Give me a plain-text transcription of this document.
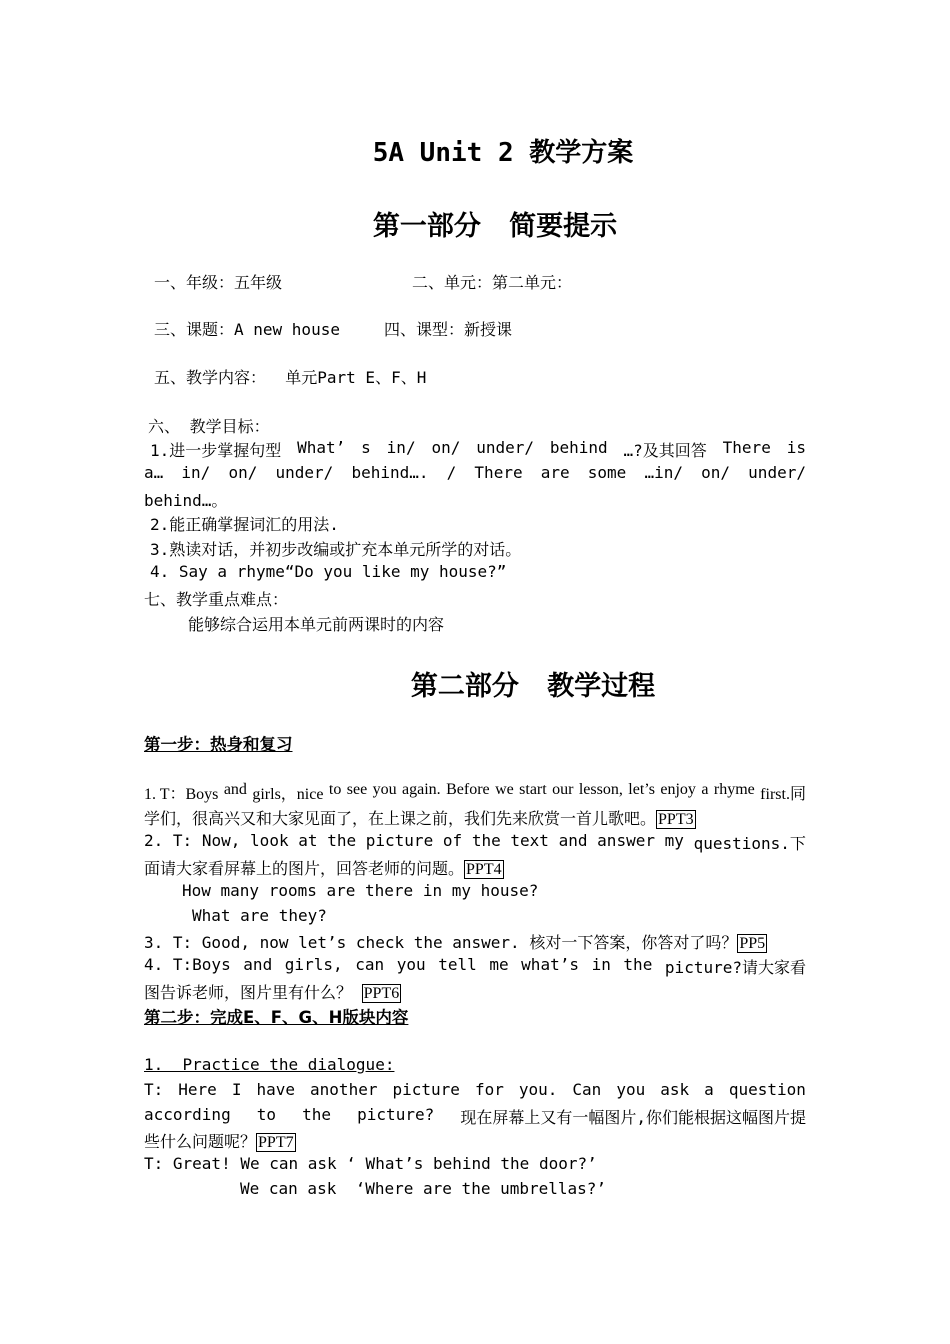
5A Unit 2 教学方案
第一部分   简要提示
一、年级：五年级	二、单元：第二单元：
三、课题：A new house	四、课型：新授课
五、教学内容：  单元Part E、F、H
六、 教学目标：
1.进一步掌握句型 What’ s in/ on/ under/ behind …?及其回答 There is
a… in/ on/ under/ behind…. / There are some …in/ on/ under/
behind…。
2.能正确掌握词汇的用法.
3.熟读对话，并初步改编或扩充本单元所学的对话。
4. Say a rhyme“Do you like my house?”
七、教学重点难点：
能够综合运用本单元前两课时的内容
第二部分   教学过程
第一步：热身和复习
1. T：Boys and girls，nice to see you again. Before we start our lesson, let’s enjoy a rhyme first.同
学们，很高兴又和大家见面了，在上课之前，我们先来欣赏一首儿歌吧。 PPT3
2. T: Now, look at the picture of the text and answer my questions.下
面请大家看屏幕上的图片，回答老师的问题。 PPT4
How many rooms are there in my house?
What are they?
3. T: Good, now let’s check the answer. 核对一下答案，你答对了吗？ PP5
4. T:Boys and girls, can you tell me what’s in the picture?请大家看
图告诉老师，图片里有什么？ PPT6
第二步：完成E、F、G、H版块内容
1.  Practice the dialogue:
T: Here I have another picture for you. Can you ask a question
according to the picture? 现在屏幕上又有一幅图片,你们能根据这幅图片提
些什么问题呢？ PPT7
T: Great! We can ask ‘ What’s behind the door?’
We can ask  ‘Where are the umbrellas?’
